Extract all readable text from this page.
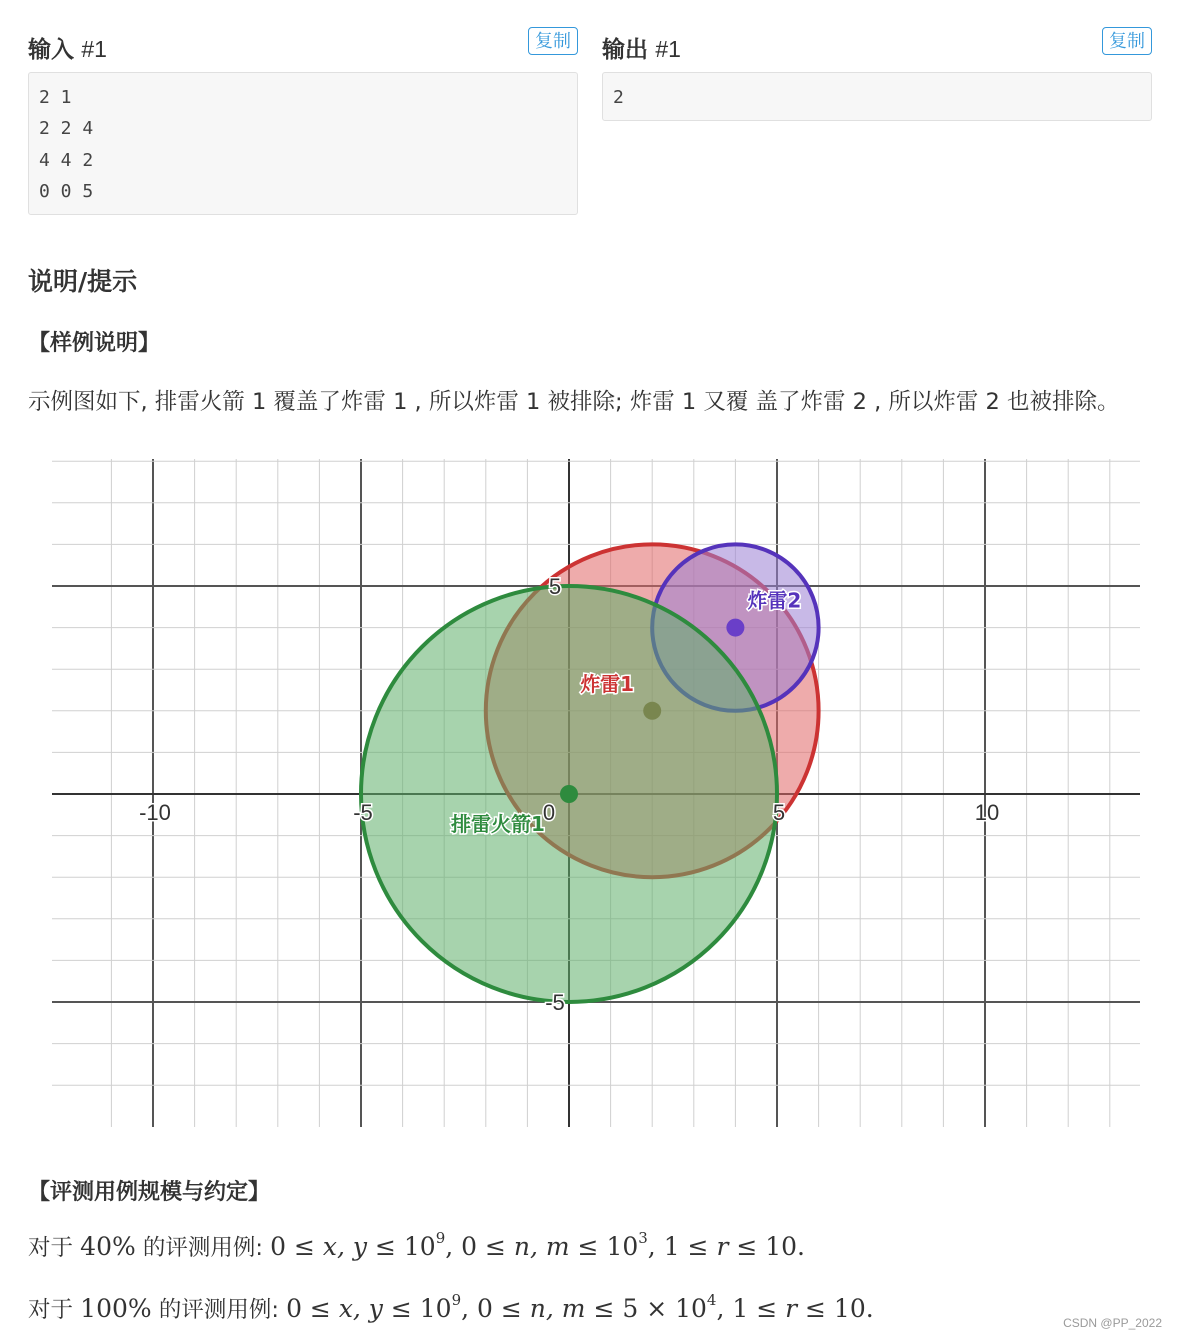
输入 #1	复制
2 1
2 2 4
4 4 2
0 0 5
输出 #1	复制
2
说明/提示
【样例说明】
示例图如下, 排雷火箭 1 覆盖了炸雷 1 , 所以炸雷 1 被排除; 炸雷 1 又覆 盖了炸雷 2 , 所以炸雷 2 也被排除。
炸雷1
炸雷2
排雷火箭1
-10	-5	0	5	10
5
-5
【评测用例规模与约定】
对于 40% 的评测用例: 0 ≤ x, $y \le 10^9$, 0 ≤ n, $m \le 10^3$, 1 ≤ r ≤ 10.
对于 100% 的评测用例: 0 ≤ x, $y \le 10^9$, 0 ≤ n, $m \le 5 \times 10^4$, 1 ≤ r ≤ 10.	CSDN @PP_2022
